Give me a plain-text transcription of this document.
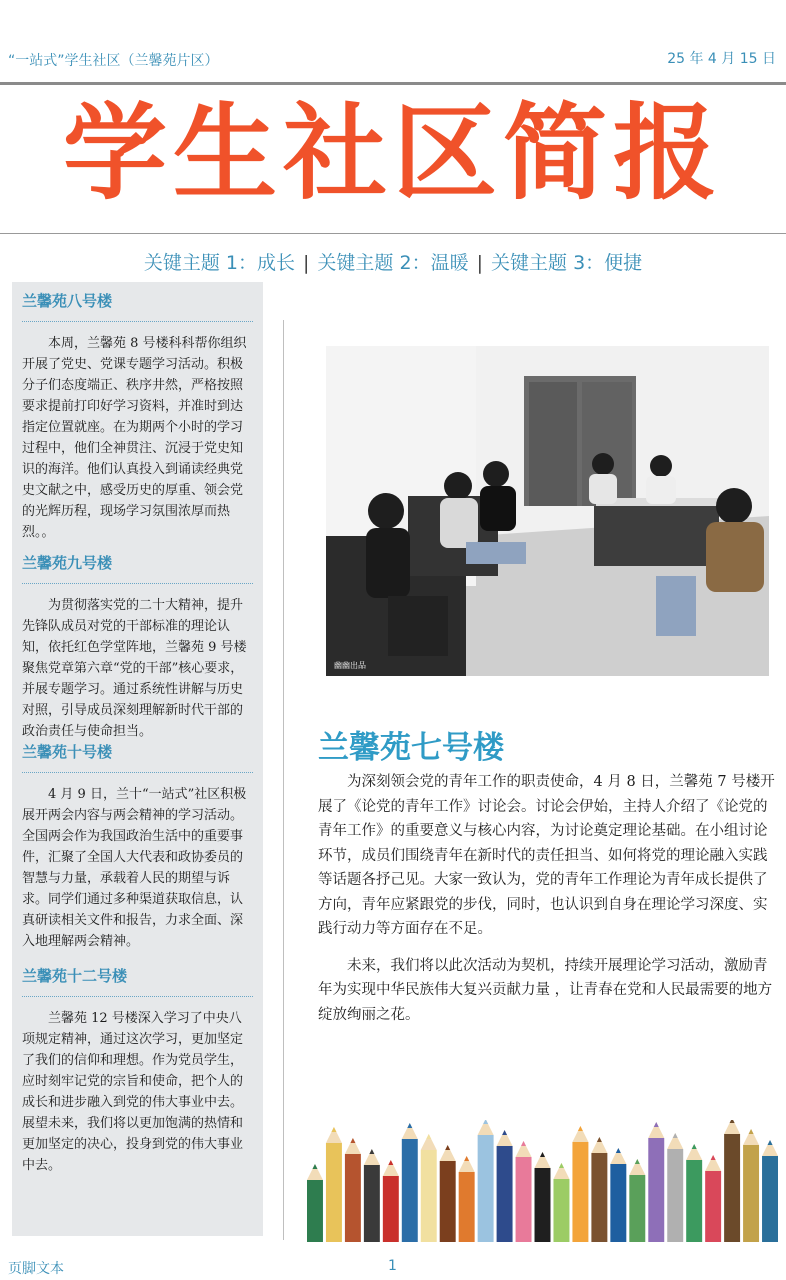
“一站式”学生社区（兰馨苑片区）	25 年 4 月 15 日
学生社区简报
关键主题 1：成长 | 关键主题 2：温暖 | 关键主题 3：便捷
兰馨苑八号楼

本周，兰馨苑 8 号楼科科帮你组织开展了党史、党课专题学习活动。积极分子们态度端正、秩序井然，严格按照要求提前打印好学习资料，并准时到达指定位置就座。在为期两个小时的学习过程中，他们全神贯注、沉浸于党史知识的海洋。他们认真投入到诵读经典党史文献之中，感受历史的厚重、领会党的光辉历程，现场学习氛围浓厚而热烈。。

兰馨苑九号楼

为贯彻落实党的二十大精神，提升先锋队成员对党的干部标准的理论认知，依托红色学堂阵地，兰馨苑 9 号楼聚焦党章第六章“党的干部”核心要求，并展专题学习。通过系统性讲解与历史对照，引导成员深刻理解新时代干部的政治责任与使命担当。

兰馨苑十号楼

4 月 9 日，兰十“一站式”社区积极展开两会内容与两会精神的学习活动。全国两会作为我国政治生活中的重要事件，汇聚了全国人大代表和政协委员的智慧与力量，承载着人民的期望与诉求。同学们通过多种渠道获取信息，认真研读相关文件和报告，力求全面、深入地理解两会精神。

兰馨苑十二号楼

兰馨苑 12 号楼深入学习了中央八项规定精神，通过这次学习，更加坚定了我们的信仰和理想。作为党员学生，应时刻牢记党的宗旨和使命，把个人的成长和进步融入到党的伟大事业中去。展望未来，我们将以更加饱满的热情和更加坚定的决心，投身到党的伟大事业中去。

幽幽出品
兰馨苑七号楼

为深刻领会党的青年工作的职责使命，4 月 8 日，兰馨苑 7 号楼开展了《论党的青年工作》讨论会。讨论会伊始，主持人介绍了《论党的青年工作》的重要意义与核心内容，为讨论奠定理论基础。在小组讨论环节，成员们围绕青年在新时代的责任担当、如何将党的理论融入实践等话题各抒己见。大家一致认为，党的青年工作理论为青年成长提供了方向，青年应紧跟党的步伐，同时，也认识到自身在理论学习深度、实践行动力等方面存在不足。

未来，我们将以此次活动为契机，持续开展理论学习活动，激励青年为实现中华民族伟大复兴贡献力量 ，让青春在党和人民最需要的地方绽放绚丽之花。

页脚文本	1
